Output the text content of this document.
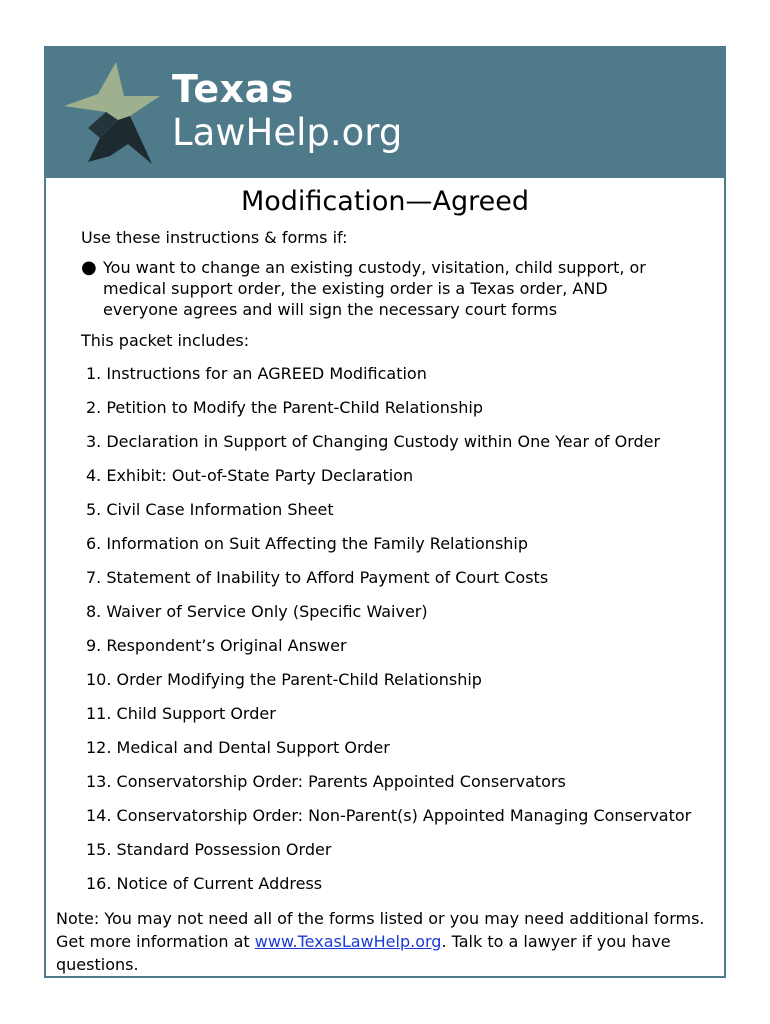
Texas
LawHelp.org
Modification—Agreed
Use these instructions & forms if:
● You want to change an existing custody, visitation, child support, or medical support order, the existing order is a Texas order, AND everyone agrees and will sign the necessary court forms
This packet includes:
1. Instructions for an AGREED Modification
2. Petition to Modify the Parent-Child Relationship
3. Declaration in Support of Changing Custody within One Year of Order
4. Exhibit: Out-of-State Party Declaration
5. Civil Case Information Sheet
6. Information on Suit Affecting the Family Relationship
7. Statement of Inability to Afford Payment of Court Costs
8. Waiver of Service Only (Specific Waiver)
9. Respondent’s Original Answer
10. Order Modifying the Parent-Child Relationship
11. Child Support Order
12. Medical and Dental Support Order
13. Conservatorship Order: Parents Appointed Conservators
14. Conservatorship Order: Non-Parent(s) Appointed Managing Conservator
15. Standard Possession Order
16. Notice of Current Address
Note: You may not need all of the forms listed or you may need additional forms. Get more information at www.TexasLawHelp.org. Talk to a lawyer if you have questions.
